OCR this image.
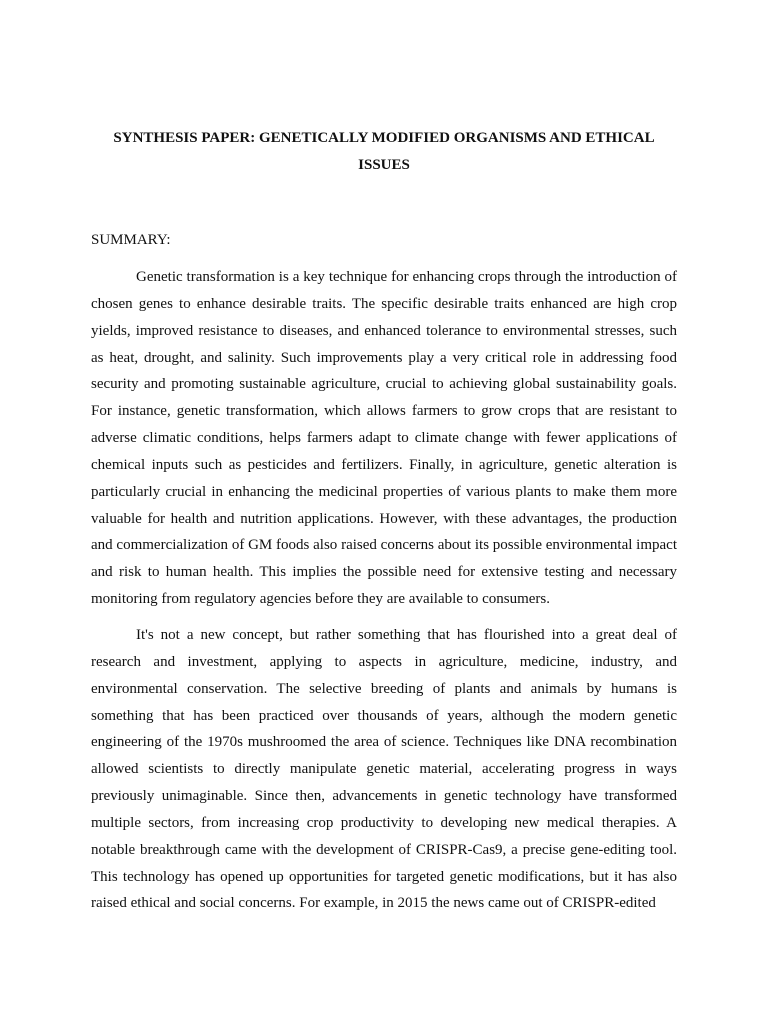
SYNTHESIS PAPER: GENETICALLY MODIFIED ORGANISMS AND ETHICAL ISSUES

SUMMARY:

Genetic transformation is a key technique for enhancing crops through the introduction of chosen genes to enhance desirable traits. The specific desirable traits enhanced are high crop yields, improved resistance to diseases, and enhanced tolerance to environmental stresses, such as heat, drought, and salinity. Such improvements play a very critical role in addressing food security and promoting sustainable agriculture, crucial to achieving global sustainability goals. For instance, genetic transformation, which allows farmers to grow crops that are resistant to adverse climatic conditions, helps farmers adapt to climate change with fewer applications of chemical inputs such as pesticides and fertilizers. Finally, in agriculture, genetic alteration is particularly crucial in enhancing the medicinal properties of various plants to make them more valuable for health and nutrition applications. However, with these advantages, the production and commercialization of GM foods also raised concerns about its possible environmental impact and risk to human health. This implies the possible need for extensive testing and necessary monitoring from regulatory agencies before they are available to consumers.

It's not a new concept, but rather something that has flourished into a great deal of research and investment, applying to aspects in agriculture, medicine, industry, and environmental conservation. The selective breeding of plants and animals by humans is something that has been practiced over thousands of years, although the modern genetic engineering of the 1970s mushroomed the area of science. Techniques like DNA recombination allowed scientists to directly manipulate genetic material, accelerating progress in ways previously unimaginable. Since then, advancements in genetic technology have transformed multiple sectors, from increasing crop productivity to developing new medical therapies. A notable breakthrough came with the development of CRISPR-Cas9, a precise gene-editing tool. This technology has opened up opportunities for targeted genetic modifications, but it has also raised ethical and social concerns. For example, in 2015 the news came out of CRISPR-edited
